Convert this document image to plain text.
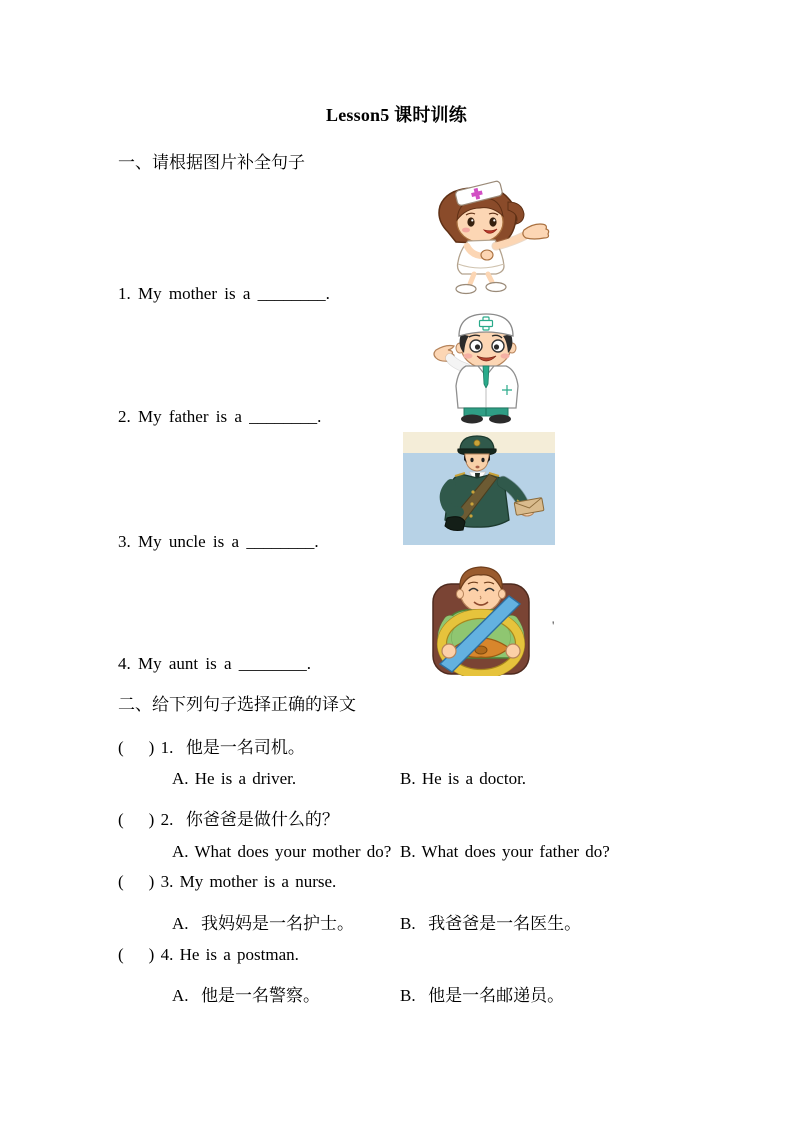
Lesson5 课时训练
一、请根据图片补全句子
1. My mother is a ________.
2. My father is a ________.
3. My uncle is a ________.
'
4. My aunt is a ________.
二、给下列句子选择正确的译文
(    ) 1.  他是一名司机。
A. He is a driver.	B. He is a doctor.
(    ) 2.  你爸爸是做什么的？
A. What does your mother do? B. What does your father do?
(    ) 3. My mother is a nurse.
A.  我妈妈是一名护士。	B.  我爸爸是一名医生。
(    ) 4. He is a postman.
A.  他是一名警察。	B.  他是一名邮递员。
